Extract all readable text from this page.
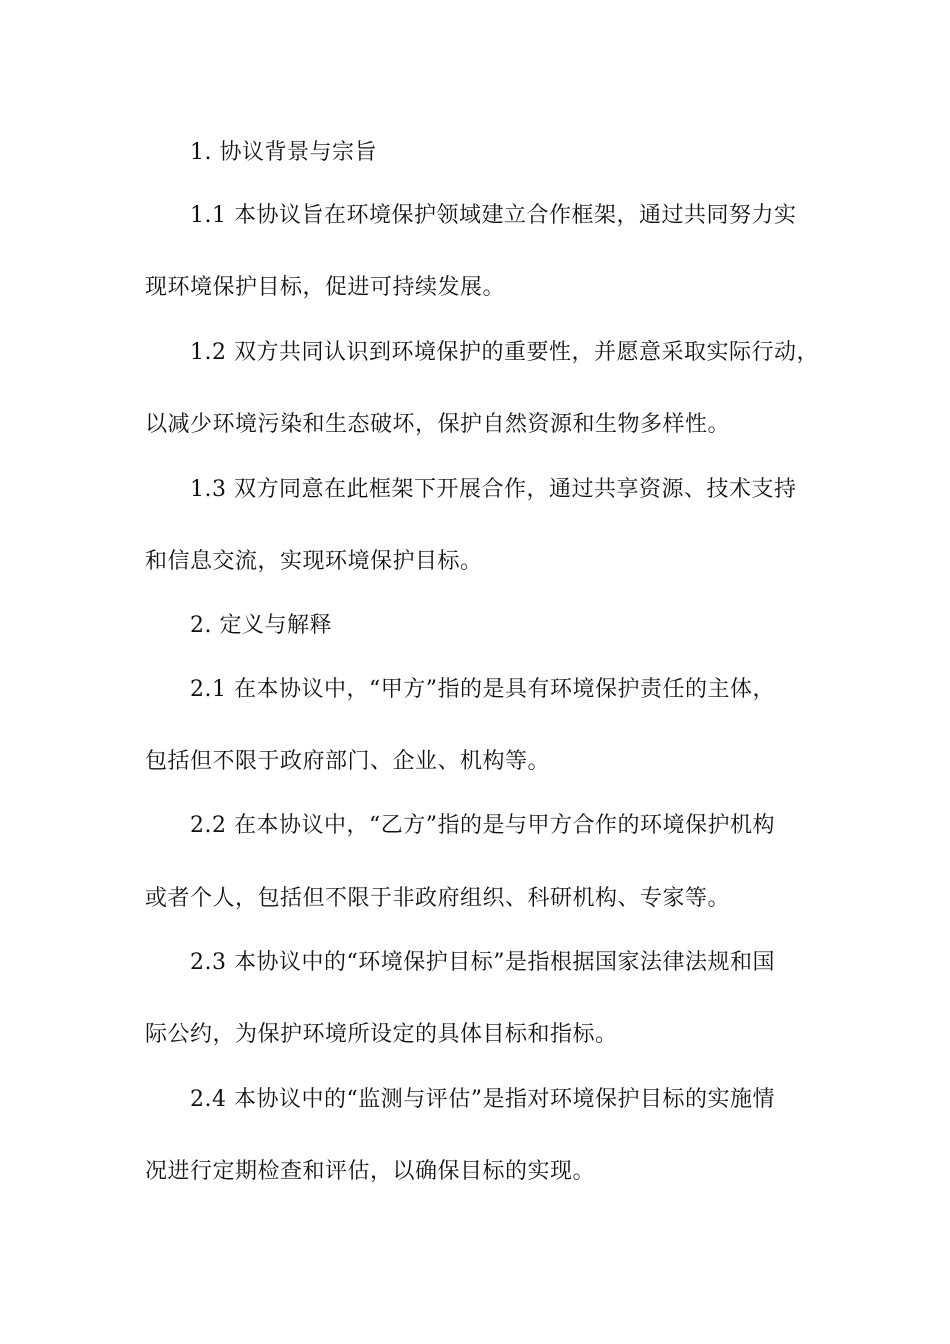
1. 协议背景与宗旨
1.1 本协议旨在环境保护领域建立合作框架，通过共同努力实
现环境保护目标，促进可持续发展。
1.2 双方共同认识到环境保护的重要性，并愿意采取实际行动，
以减少环境污染和生态破坏，保护自然资源和生物多样性。
1.3 双方同意在此框架下开展合作，通过共享资源、技术支持
和信息交流，实现环境保护目标。
2. 定义与解释
2.1 在本协议中，“甲方”指的是具有环境保护责任的主体，
包括但不限于政府部门、企业、机构等。
2.2 在本协议中，“乙方”指的是与甲方合作的环境保护机构
或者个人，包括但不限于非政府组织、科研机构、专家等。
2.3 本协议中的“环境保护目标”是指根据国家法律法规和国
际公约，为保护环境所设定的具体目标和指标。
2.4 本协议中的“监测与评估”是指对环境保护目标的实施情
况进行定期检查和评估，以确保目标的实现。
